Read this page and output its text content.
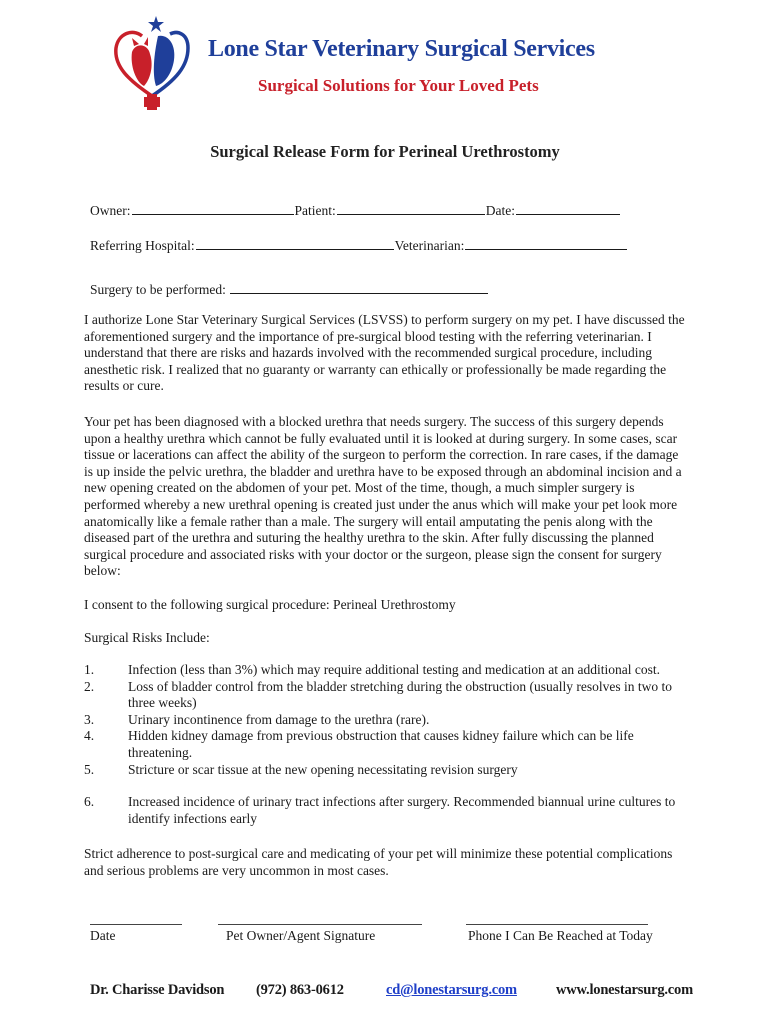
Lone Star Veterinary Surgical Services
Surgical Solutions for Your Loved Pets
Surgical Release Form for Perineal Urethrostomy
Owner:	Patient:	Date:
Referring Hospital:	Veterinarian:
Surgery to be performed:
I authorize Lone Star Veterinary Surgical Services (LSVSS) to perform surgery on my pet. I have discussed the aforementioned surgery and the importance of pre-surgical blood testing with the referring veterinarian. I understand that there are risks and hazards involved with the recommended surgical procedure, including anesthetic risk. I realized that no guaranty or warranty can ethically or professionally be made regarding the results or cure.
Your pet has been diagnosed with a blocked urethra that needs surgery. The success of this surgery depends upon a healthy urethra which cannot be fully evaluated until it is looked at during surgery. In some cases, scar tissue or lacerations can affect the ability of the surgeon to perform the correction. In rare cases, if the damage is up inside the pelvic urethra, the bladder and urethra have to be exposed through an abdominal incision and a new opening created on the abdomen of your pet. Most of the time, though, a much simpler surgery is performed whereby a new urethral opening is created just under the anus which will make your pet look more anatomically like a female rather than a male. The surgery will entail amputating the penis along with the diseased part of the urethra and suturing the healthy urethra to the skin. After fully discussing the planned surgical procedure and associated risks with your doctor or the surgeon, please sign the consent for surgery below:
I consent to the following surgical procedure: Perineal Urethrostomy
Surgical Risks Include:
1.	Infection (less than 3%) which may require additional testing and medication at an additional cost.
2.	Loss of bladder control from the bladder stretching during the obstruction (usually resolves in two to three weeks)
3.	Urinary incontinence from damage to the urethra (rare).
4.	Hidden kidney damage from previous obstruction that causes kidney failure which can be life threatening.
5.	Stricture or scar tissue at the new opening necessitating revision surgery
6.	Increased incidence of urinary tract infections after surgery. Recommended biannual urine cultures to identify infections early
Strict adherence to post-surgical care and medicating of your pet will minimize these potential complications and serious problems are very uncommon in most cases.
Date	Pet Owner/Agent Signature	Phone I Can Be Reached at Today
Dr. Charisse Davidson (972) 863-0612	cd@lonestarsurg.com	www.lonestarsurg.com
